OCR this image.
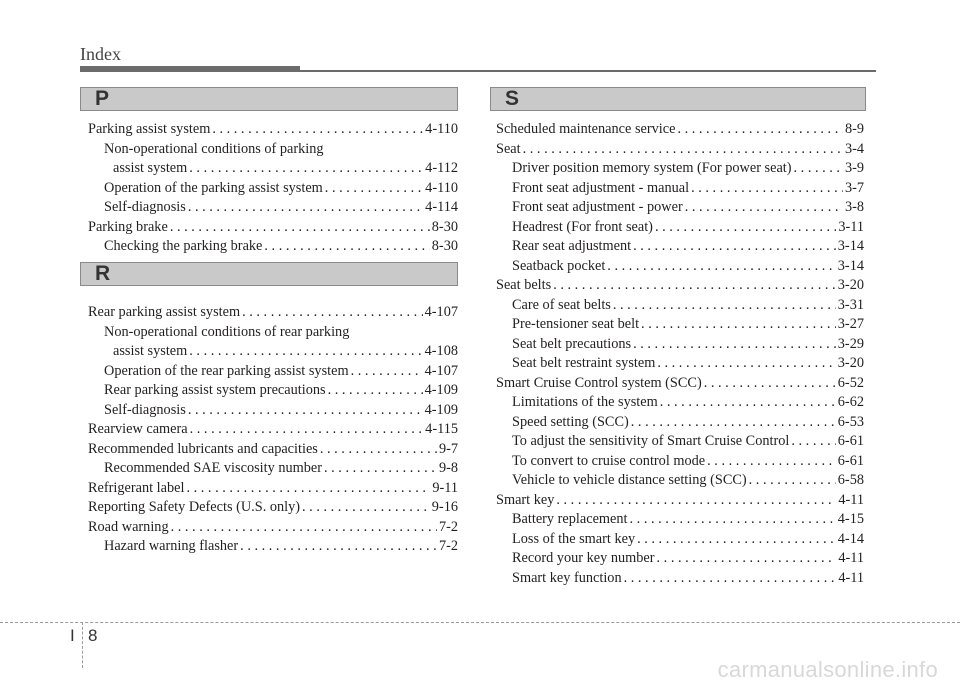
Index
P
Parking assist system . . .	4-110
Non-operational conditions of parking
assist system . . .	4-112
Operation of the parking assist system . . .	4-110
Self-diagnosis . . .	4-114
Parking brake . . .	8-30
Checking the parking brake . . .	8-30
R
Rear parking assist system . . .	4-107
Non-operational conditions of rear parking
assist system . . .	4-108
Operation of the rear parking assist system . . .	4-107
Rear parking assist system precautions . . .	4-109
Self-diagnosis . . .	4-109
Rearview camera . . .	4-115
Recommended lubricants and capacities . . .	9-7
Recommended SAE viscosity number . . .	9-8
Refrigerant label . . .	9-11
Reporting Safety Defects (U.S. only) . . .	9-16
Road warning . . .	7-2
Hazard warning flasher . . .	7-2
S
Scheduled maintenance service . . .	8-9
Seat . . .	3-4
Driver position memory system (For power seat) . . .	3-9
Front seat adjustment - manual . . .	3-7
Front seat adjustment - power . . .	3-8
Headrest (For front seat) . . .	3-11
Rear seat adjustment . . .	3-14
Seatback pocket . . .	3-14
Seat belts . . .	3-20
Care of seat belts . . .	3-31
Pre-tensioner seat belt . . .	3-27
Seat belt precautions . . .	3-29
Seat belt restraint system . . .	3-20
Smart Cruise Control system (SCC) . . .	6-52
Limitations of the system . . .	6-62
Speed setting (SCC) . . .	6-53
To adjust the sensitivity of Smart Cruise Control . . .	6-61
To convert to cruise control mode . . .	6-61
Vehicle to vehicle distance setting (SCC) . . .	6-58
Smart key . . .	4-11
Battery replacement . . .	4-15
Loss of the smart key . . .	4-14
Record your key number . . .	4-11
Smart key function . . .	4-11
I 8
carmanualsonline.info
